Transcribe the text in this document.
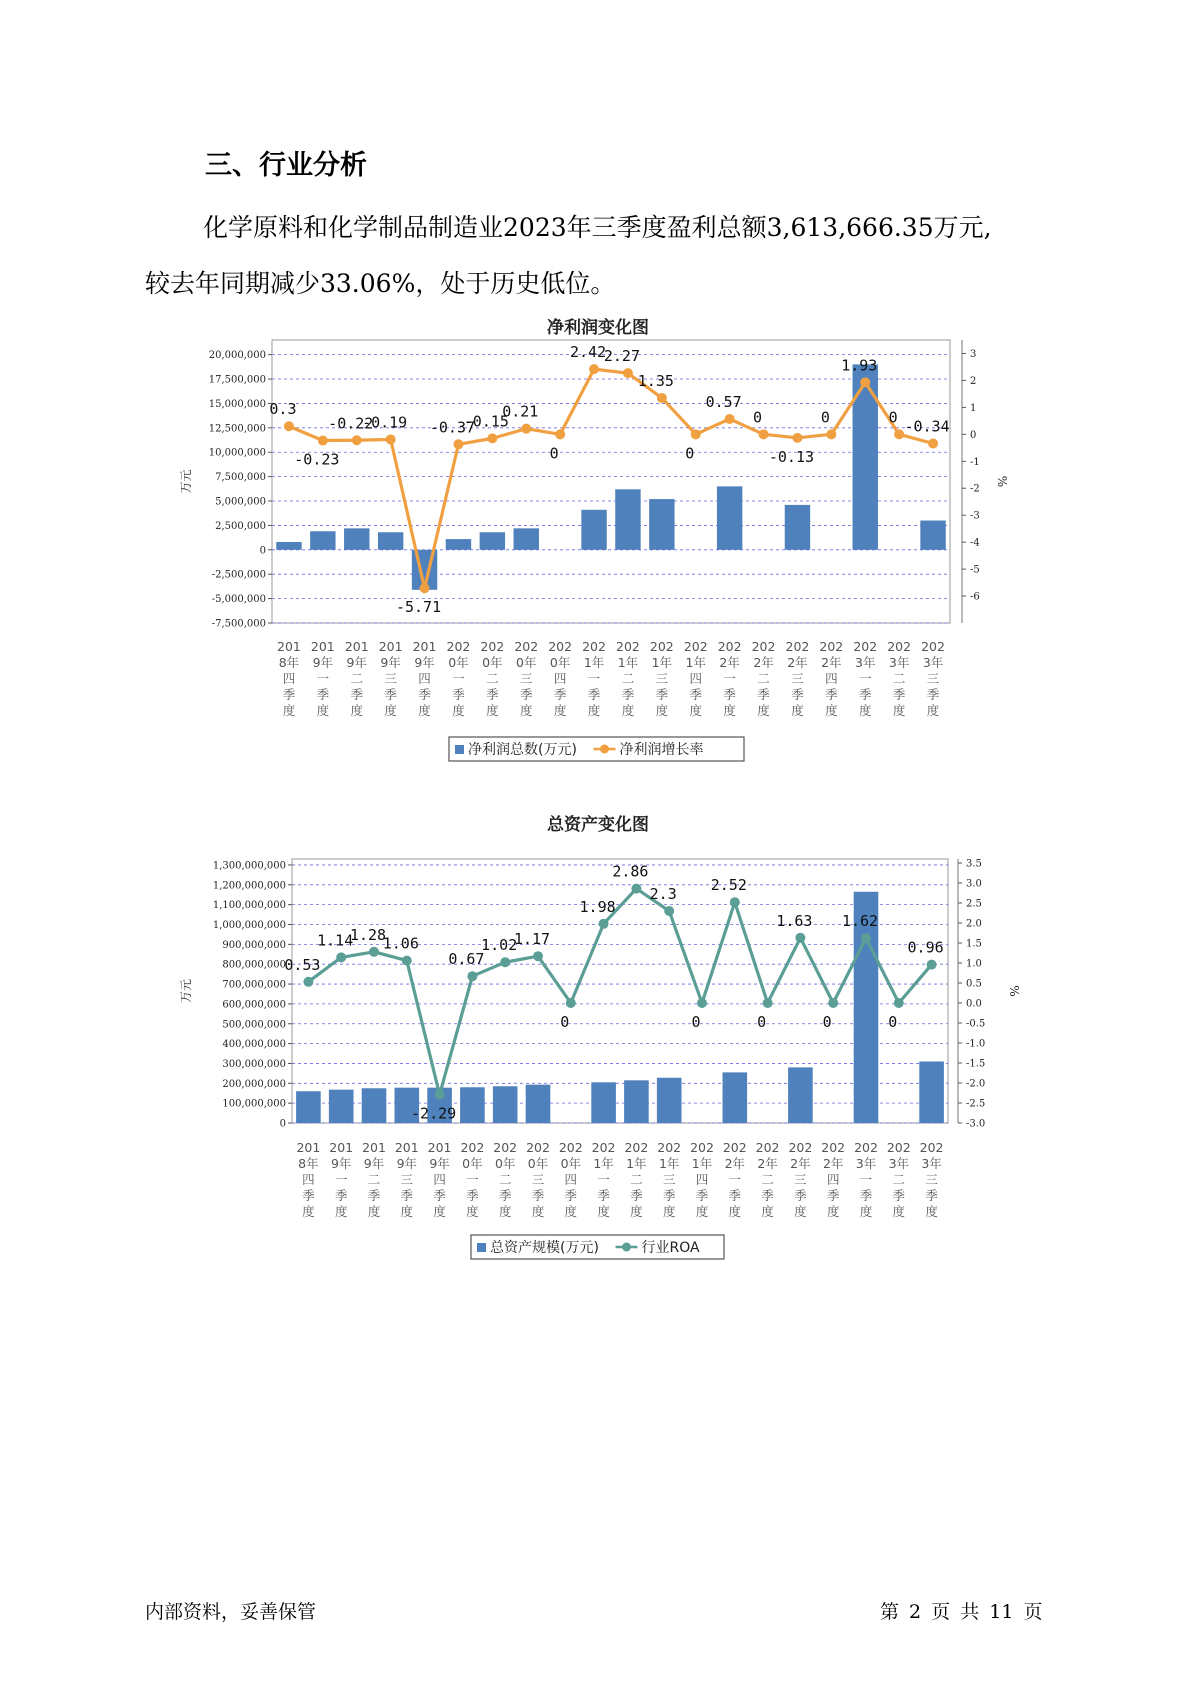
三、行业分析

化学原料和化学制品制造业2023年三季度盈利总额3,613,666.35万元,
较去年同期减少33.06%，处于历史低位。

净利润变化图
-7,500,000
-5,000,000
-2,500,000
0
2,500,000
5,000,000
7,500,000
10,000,000
12,500,000
15,000,000
17,500,000
20,000,000
-6
-5
-4
-3
-2
-1
0
1
2
3
万元	%
0.3
-0.23
-0.22
-0.19
-5.71
-0.37
-0.15
0.21
0
2.42
2.27
1.35
0
0.57
0
-0.13
0
1.93
0
-0.34
201
8年
四
季
度
201
9年
一
季
度
201
9年
二
季
度
201
9年
三
季
度
201
9年
四
季
度
202
0年
一
季
度
202
0年
二
季
度
202
0年
三
季
度
202
0年
四
季
度
202
1年
一
季
度
202
1年
二
季
度
202
1年
三
季
度
202
1年
四
季
度
202
2年
一
季
度
202
2年
二
季
度
202
2年
三
季
度
202
2年
四
季
度
202
3年
一
季
度
202
3年
二
季
度
202
3年
三
季
度
净利润总数(万元)	净利润增长率
总资产变化图
0
100,000,000
200,000,000
300,000,000
400,000,000
500,000,000
600,000,000
700,000,000
800,000,000
900,000,000
1,000,000,000
1,100,000,000
1,200,000,000
1,300,000,000
-3.0
-2.5
-2.0
-1.5
-1.0
-0.5
0.0
0.5
1.0
1.5
2.0
2.5
3.0
3.5
万元	%
0.53
1.14
1.28
1.06
-2.29
0.67
1.02
1.17
0
1.98
2.86
2.3
0
2.52
0
1.63
0
1.62
0
0.96
201
8年
四
季
度
201
9年
一
季
度
201
9年
二
季
度
201
9年
三
季
度
201
9年
四
季
度
202
0年
一
季
度
202
0年
二
季
度
202
0年
三
季
度
202
0年
四
季
度
202
1年
一
季
度
202
1年
二
季
度
202
1年
三
季
度
202
1年
四
季
度
202
2年
一
季
度
202
2年
二
季
度
202
2年
三
季
度
202
2年
四
季
度
202
3年
一
季
度
202
3年
二
季
度
202
3年
三
季
度
总资产规模(万元)	行业ROA

内部资料，妥善保管	第 2 页 共 11 页
